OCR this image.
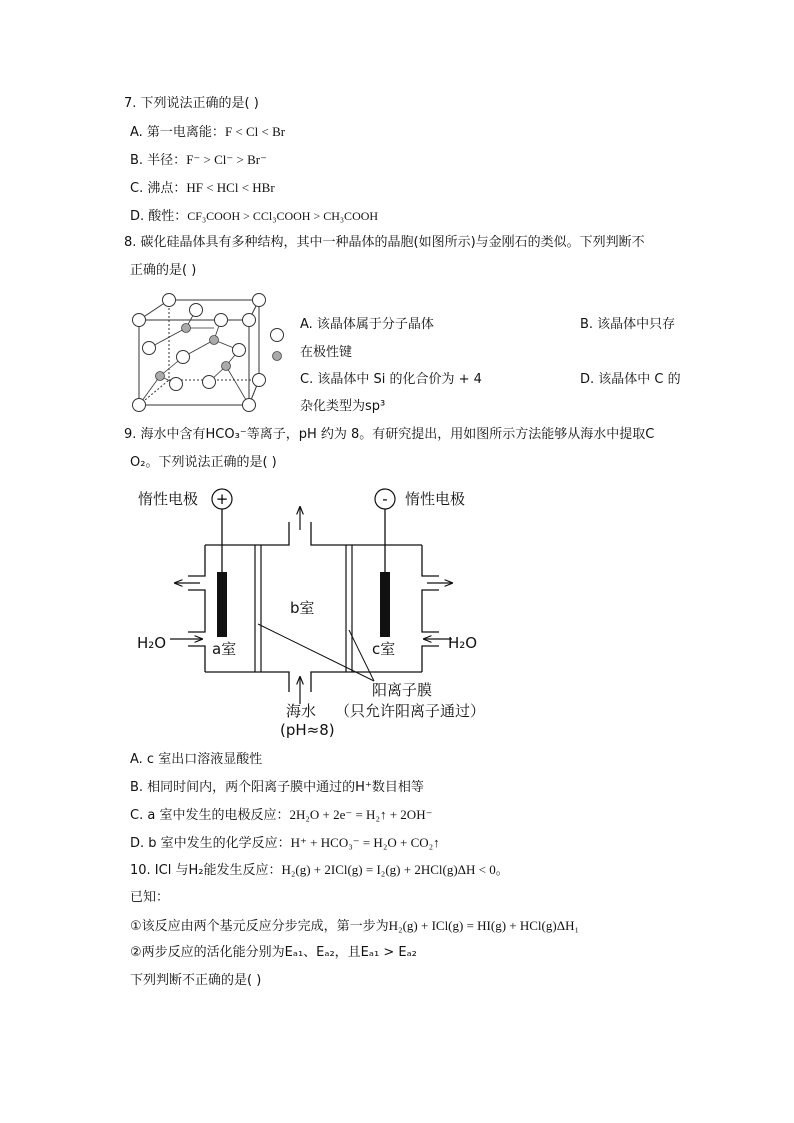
7. 下列说法正确的是( )
A. 第一电离能：F < Cl < Br
B. 半径：F⁻ > Cl⁻ > Br⁻
C. 沸点：HF < HCl < HBr
D. 酸性：CF₃COOH > CCl₃COOH > CH₃COOH
8. 碳化硅晶体具有多种结构，其中一种晶体的晶胞(如图所示)与金刚石的类似。下列判断不
正确的是( )
A. 该晶体属于分子晶体	B. 该晶体中只存
在极性键
C. 该晶体中 Si 的化合价为 + 4	D. 该晶体中 C 的
杂化类型为sp³
9. 海水中含有HCO₃⁻等离子，pH 约为 8。有研究提出，用如图所示方法能够从海水中提取C
O₂。下列说法正确的是( )
+	-
惰性电极	惰性电极
b室
a室	c室
H₂O	H₂O
阳离子膜
海水
(pH≈8)
（只允许阳离子通过）
A. c 室出口溶液显酸性
B. 相同时间内，两个阳离子膜中通过的H⁺数目相等
C. a 室中发生的电极反应：2H₂O + 2e⁻ = H₂↑ + 2OH⁻
D. b 室中发生的化学反应：H⁺ + HCO₃⁻ = H₂O + CO₂↑
10. ICl 与H₂能发生反应：H₂(g) + 2ICl(g) = I₂(g) + 2HCl(g)ΔH < 0。
已知：
①该反应由两个基元反应分步完成，第一步为H₂(g) + ICl(g) = HI(g) + HCl(g)ΔH₁
②两步反应的活化能分别为Eₐ₁、Eₐ₂，且Eₐ₁ > Eₐ₂
下列判断不正确的是( )
